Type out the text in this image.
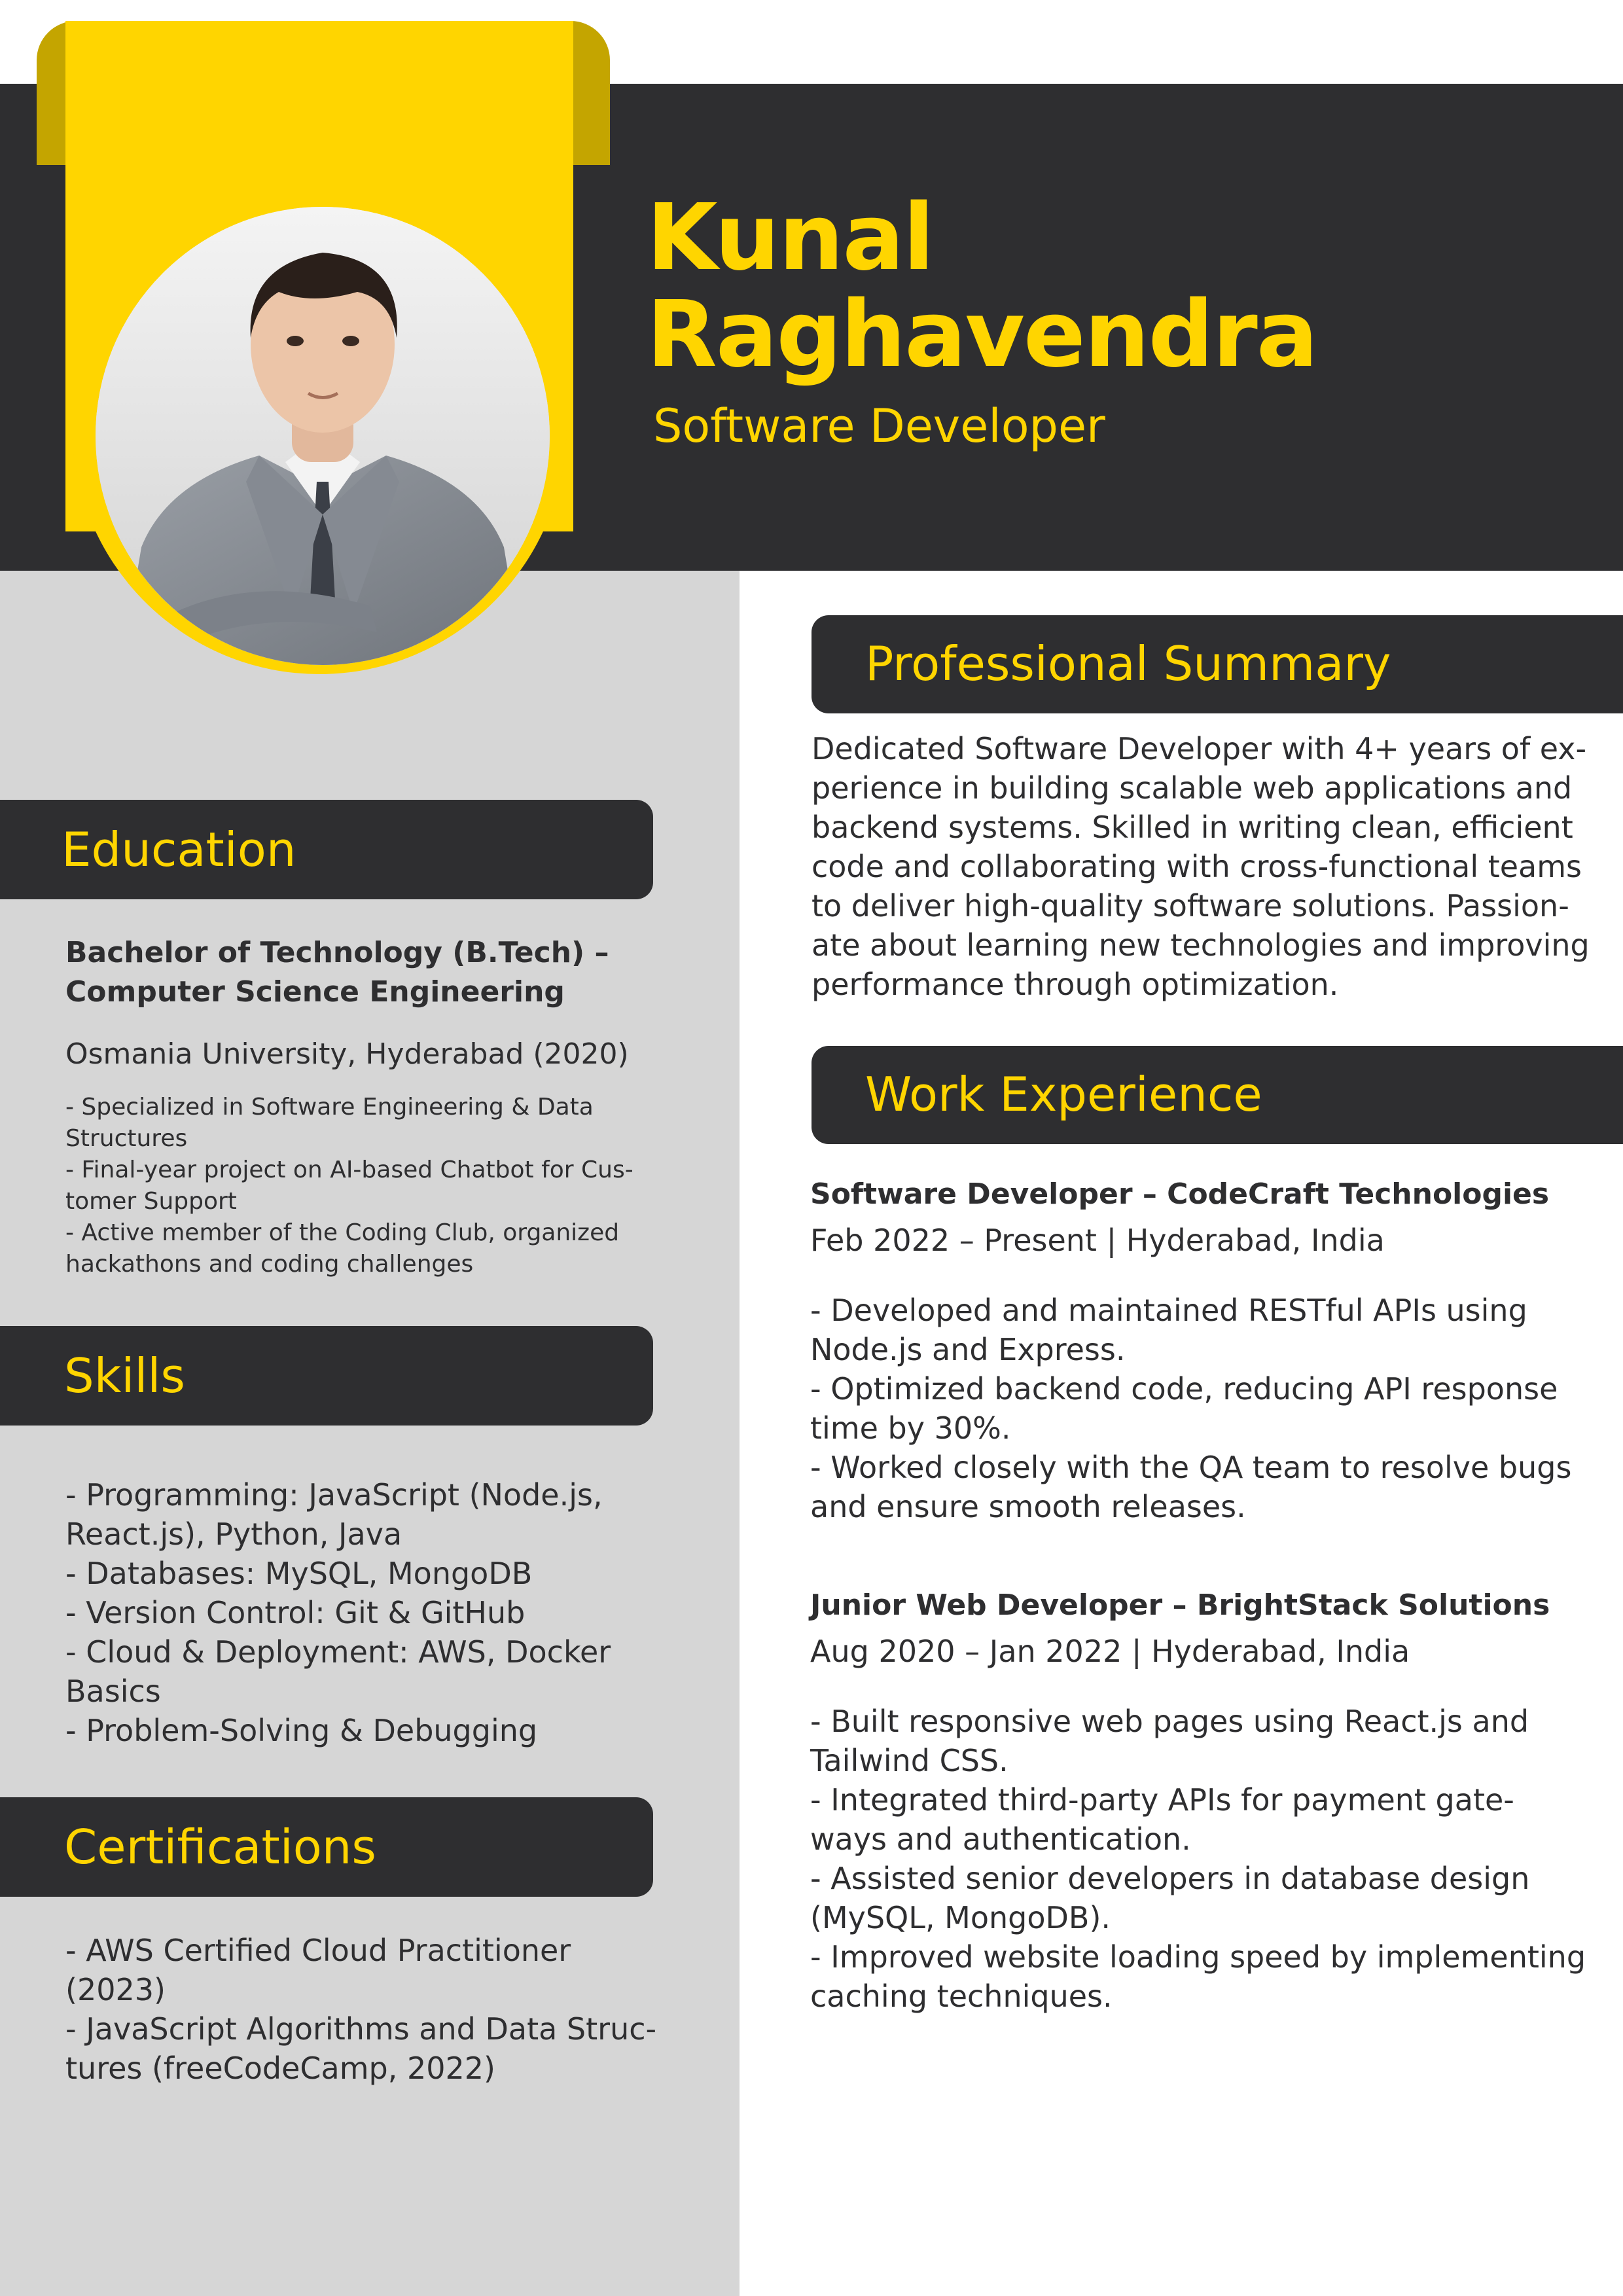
Kunal
Raghavendra
Software Developer
Professional Summary

Dedicated Software Developer with 4+ years of ex-

perience in building scalable web applications and

backend systems. Skilled in writing clean, efficient

code and collaborating with cross-functional teams

to deliver high-quality software solutions. Passion-

ate about learning new technologies and improving

performance through optimization.

Work Experience

Software Developer – CodeCraft Technologies

Feb 2022 – Present | Hyderabad, India

- Developed and maintained RESTful APIs using

Node.js and Express.

- Optimized backend code, reducing API response

time by 30%.

- Worked closely with the QA team to resolve bugs

and ensure smooth releases.

Junior Web Developer – BrightStack Solutions

Aug 2020 – Jan 2022 | Hyderabad, India

- Built responsive web pages using React.js and

Tailwind CSS.

- Integrated third-party APIs for payment gate-

ways and authentication.

- Assisted senior developers in database design

(MySQL, MongoDB).

- Improved website loading speed by implementing

caching techniques.

Education

Bachelor of Technology (B.Tech) –

Computer Science Engineering

Osmania University, Hyderabad (2020)

- Specialized in Software Engineering & Data

Structures

- Final-year project on AI-based Chatbot for Cus-

tomer Support

- Active member of the Coding Club, organized

hackathons and coding challenges

Skills

- Programming: JavaScript (Node.js,

React.js), Python, Java

- Databases: MySQL, MongoDB

- Version Control: Git & GitHub

- Cloud & Deployment: AWS, Docker

Basics

- Problem-Solving & Debugging

Certifications

- AWS Certified Cloud Practitioner

(2023)

- JavaScript Algorithms and Data Struc-

tures (freeCodeCamp, 2022)
